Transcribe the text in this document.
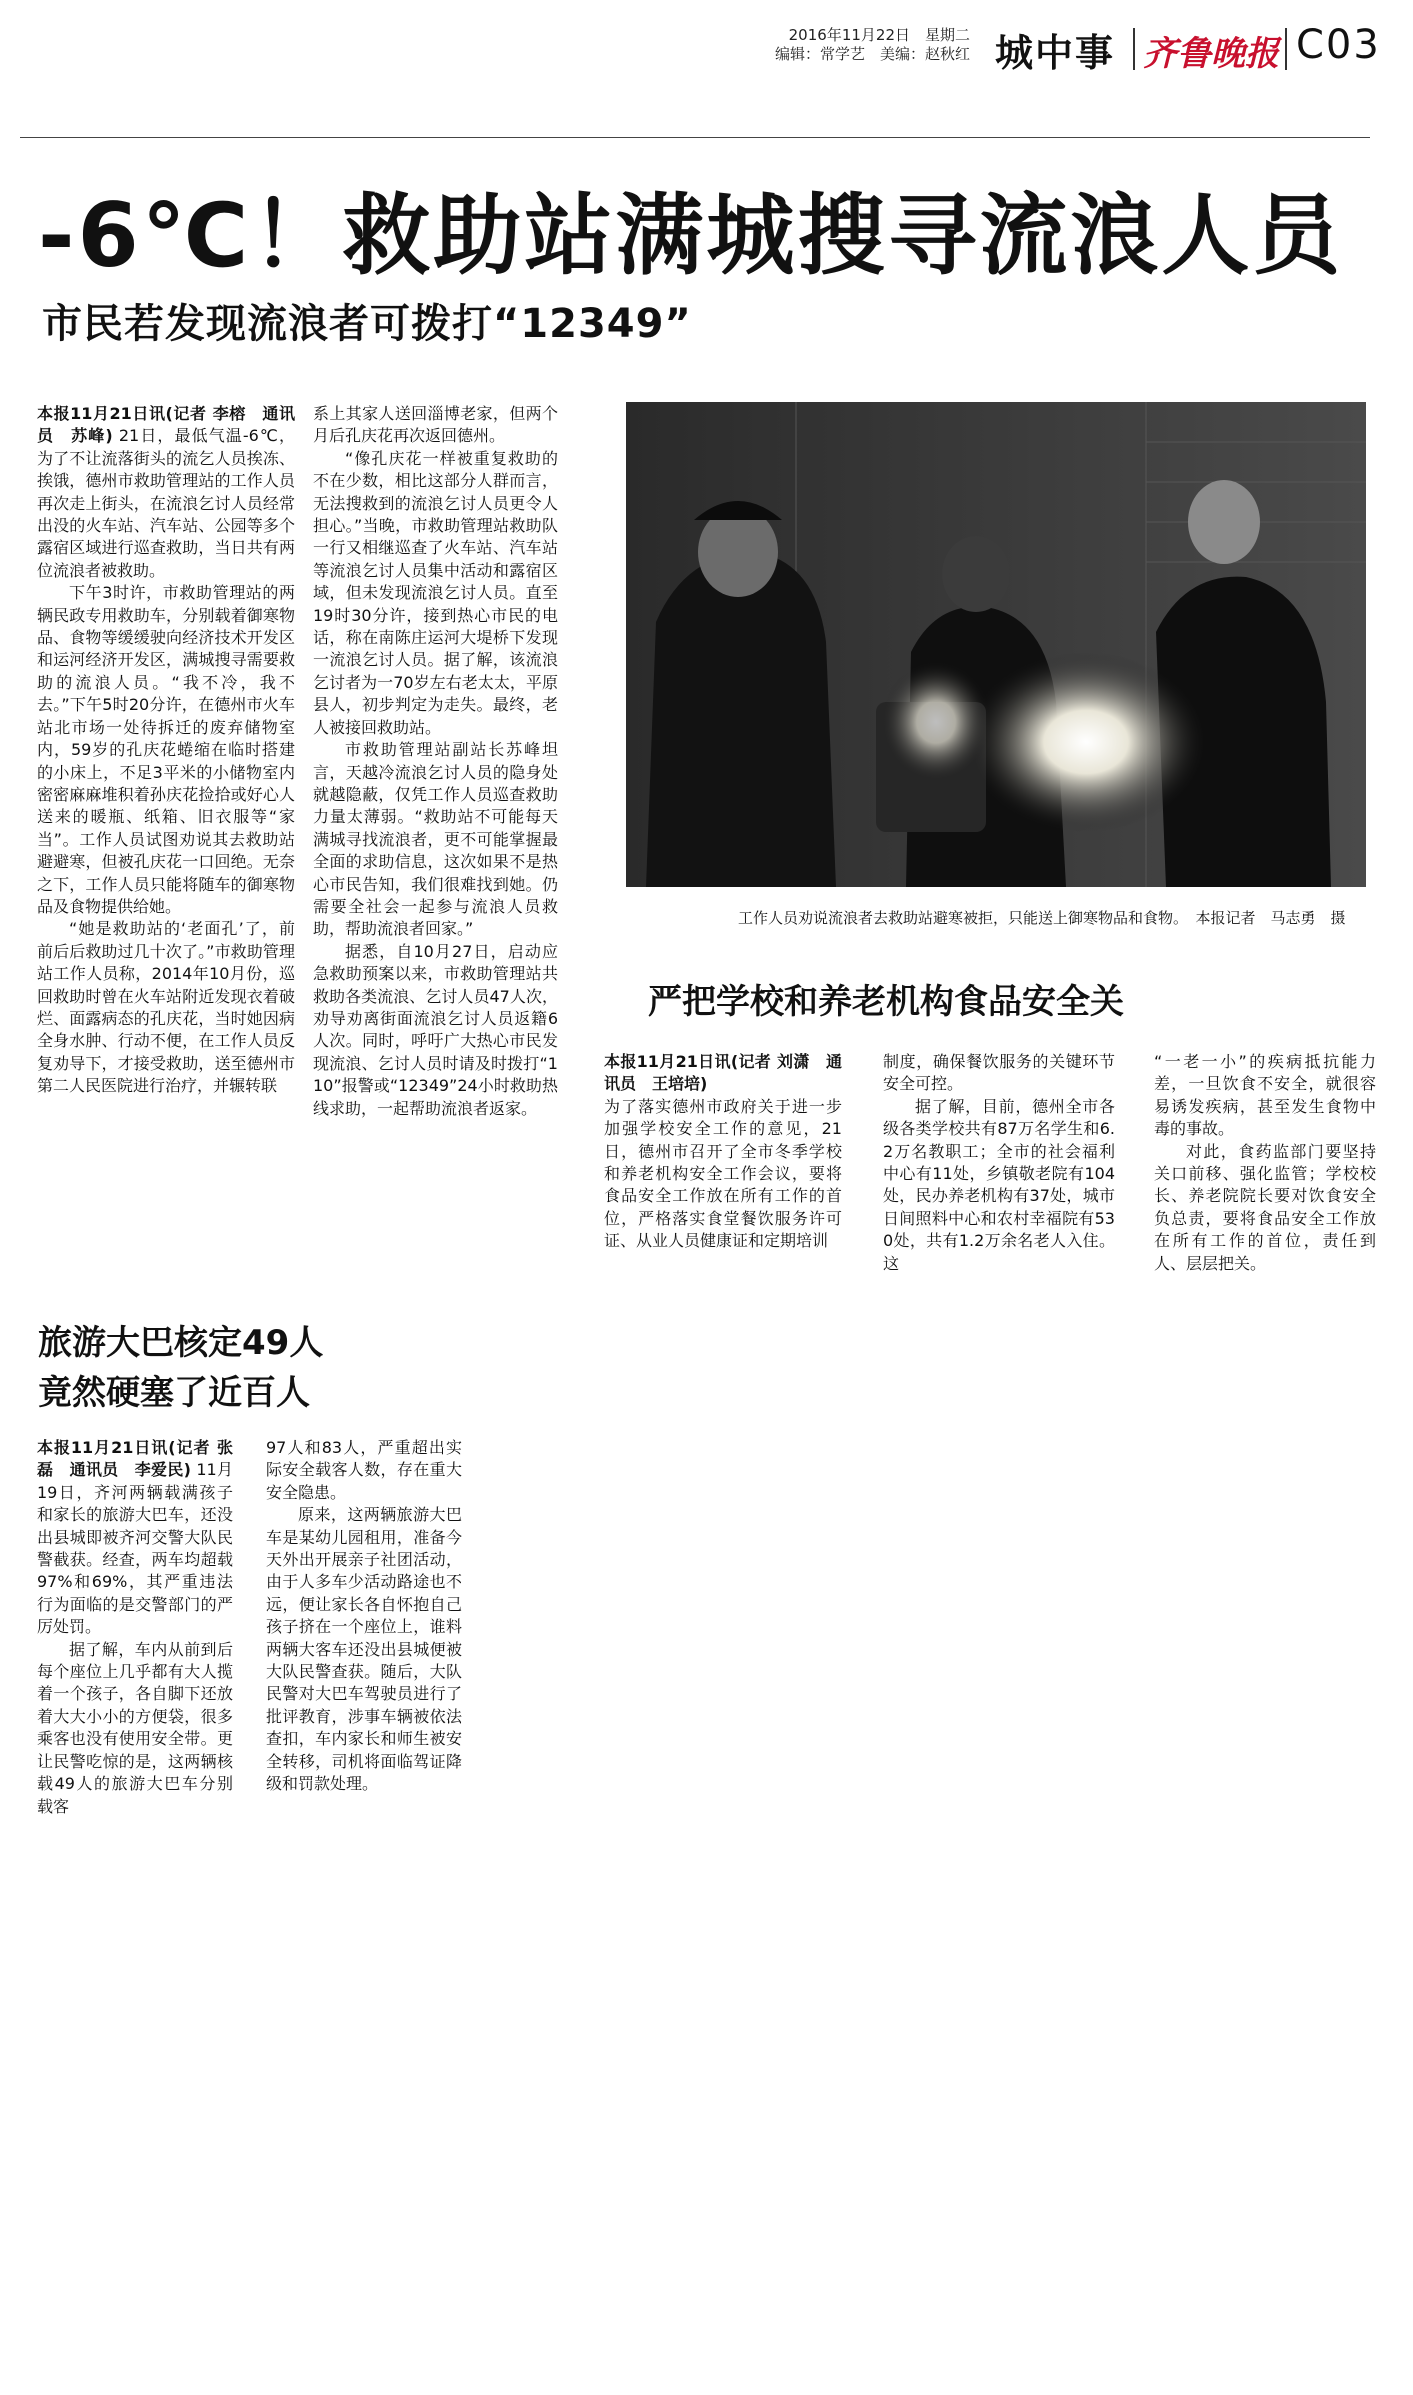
2016年11月22日　星期二
编辑：常学艺　美编：赵秋红 城中事 齐鲁晚报 C03
-6℃！救助站满城搜寻流浪人员
市民若发现流浪者可拨打“12349”

本报11月21日讯(记者 李榕　通讯员　苏峰) 21日，最低气温-6℃，为了不让流落街头的流乞人员挨冻、挨饿，德州市救助管理站的工作人员再次走上街头，在流浪乞讨人员经常出没的火车站、汽车站、公园等多个露宿区域进行巡查救助，当日共有两位流浪者被救助。

下午3时许，市救助管理站的两辆民政专用救助车，分别载着御寒物品、食物等缓缓驶向经济技术开发区和运河经济开发区，满城搜寻需要救助的流浪人员。“我不冷，我不去。”下午5时20分许，在德州市火车站北市场一处待拆迁的废弃储物室内，59岁的孔庆花蜷缩在临时搭建的小床上，不足3平米的小储物室内密密麻麻堆积着孙庆花捡拾或好心人送来的暖瓶、纸箱、旧衣服等“家当”。工作人员试图劝说其去救助站避避寒，但被孔庆花一口回绝。无奈之下，工作人员只能将随车的御寒物品及食物提供给她。

“她是救助站的‘老面孔’了，前前后后救助过几十次了。”市救助管理站工作人员称，2014年10月份，巡回救助时曾在火车站附近发现衣着破烂、面露病态的孔庆花，当时她因病全身水肿、行动不便，在工作人员反复劝导下，才接受救助，送至德州市第二人民医院进行治疗，并辗转联

系上其家人送回淄博老家，但两个月后孔庆花再次返回德州。

“像孔庆花一样被重复救助的不在少数，相比这部分人群而言，无法搜救到的流浪乞讨人员更令人担心。”当晚，市救助管理站救助队一行又相继巡查了火车站、汽车站等流浪乞讨人员集中活动和露宿区域，但未发现流浪乞讨人员。直至19时30分许，接到热心市民的电话，称在南陈庄运河大堤桥下发现一流浪乞讨人员。据了解，该流浪乞讨者为一70岁左右老太太，平原县人，初步判定为走失。最终，老人被接回救助站。

市救助管理站副站长苏峰坦言，天越冷流浪乞讨人员的隐身处就越隐蔽，仅凭工作人员巡查救助力量太薄弱。“救助站不可能每天满城寻找流浪者，更不可能掌握最全面的求助信息，这次如果不是热心市民告知，我们很难找到她。仍需要全社会一起参与流浪人员救助，帮助流浪者回家。”

据悉，自10月27日，启动应急救助预案以来，市救助管理站共救助各类流浪、乞讨人员47人次，劝导劝离街面流浪乞讨人员返籍6人次。同时，呼吁广大热心市民发现流浪、乞讨人员时请及时拨打“110”报警或“12349”24小时救助热线求助，一起帮助流浪者返家。

工作人员劝说流浪者去救助站避寒被拒，只能送上御寒物品和食物。　本报记者　马志勇　摄
严把学校和养老机构食品安全关

本报11月21日讯(记者 刘潇　通讯员　王培培)

为了落实德州市政府关于进一步加强学校安全工作的意见，21日，德州市召开了全市冬季学校和养老机构安全工作会议，要将食品安全工作放在所有工作的首位，严格落实食堂餐饮服务许可证、从业人员健康证和定期培训

制度，确保餐饮服务的关键环节安全可控。

据了解，目前，德州全市各级各类学校共有87万名学生和6.2万名教职工；全市的社会福利中心有11处，乡镇敬老院有104处，民办养老机构有37处，城市日间照料中心和农村幸福院有530处，共有1.2万余名老人入住。这

“一老一小”的疾病抵抗能力差，一旦饮食不安全，就很容易诱发疾病，甚至发生食物中毒的事故。

对此，食药监部门要坚持关口前移、强化监管；学校校长、养老院院长要对饮食安全负总责，要将食品安全工作放在所有工作的首位，责任到人、层层把关。

旅游大巴核定49人
竟然硬塞了近百人

本报11月21日讯(记者 张磊　通讯员　李爱民) 11月19日，齐河两辆载满孩子和家长的旅游大巴车，还没出县城即被齐河交警大队民警截获。经查，两车均超载97%和69%，其严重违法行为面临的是交警部门的严厉处罚。

据了解，车内从前到后每个座位上几乎都有大人揽着一个孩子，各自脚下还放着大大小小的方便袋，很多乘客也没有使用安全带。更让民警吃惊的是，这两辆核载49人的旅游大巴车分别载客

97人和83人，严重超出实际安全载客人数，存在重大安全隐患。

原来，这两辆旅游大巴车是某幼儿园租用，准备今天外出开展亲子社团活动，由于人多车少活动路途也不远，便让家长各自怀抱自己孩子挤在一个座位上，谁料两辆大客车还没出县城便被大队民警查获。随后，大队民警对大巴车驾驶员进行了批评教育，涉事车辆被依法查扣，车内家长和师生被安全转移，司机将面临驾证降级和罚款处理。
